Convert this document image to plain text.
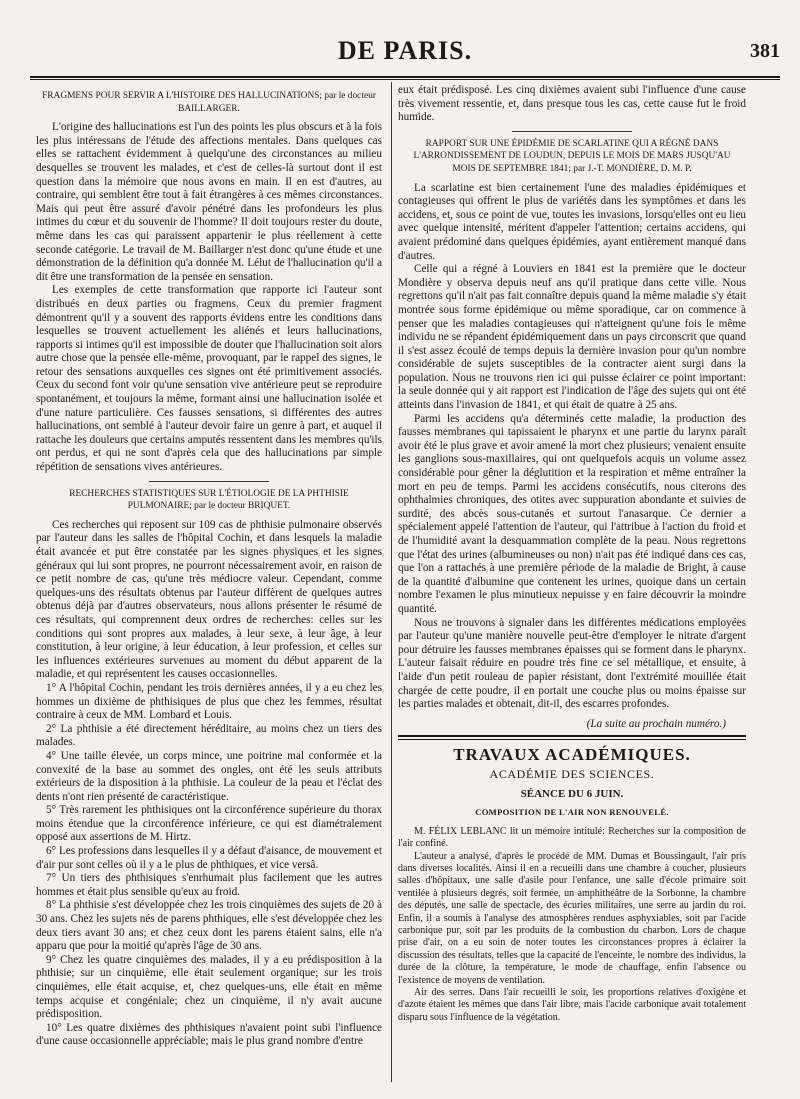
DE PARIS.	381

FRAGMENS POUR SERVIR A L'HISTOIRE DES HALLUCINATIONS; par le docteur BAILLARGER.

L'origine des hallucinations est l'un des points les plus obscurs et à la fois les plus intéressans de l'étude des affections mentales. Dans quelques cas elles se rattachent évidemment à quelqu'une des circonstances au milieu desquelles se trouvent les malades, et c'est de celles-là surtout dont il est question dans la mémoire que nous avons en main. Il en est d'autres, au contraire, qui semblent être tout à fait étrangères à ces mêmes circonstances. Mais qui peut être assuré d'avoir pénétré dans les profondeurs les plus intimes du cœur et du souvenir de l'homme? Il doit toujours rester du doute, même dans les cas qui paraissent appartenir le plus réellement à cette seconde catégorie. Le travail de M. Baillarger n'est donc qu'une étude et une démonstration de la définition qu'a donnée M. Lélut de l'hallucination qu'il a dit être une transformation de la pensée en sensation.

Les exemples de cette transformation que rapporte ici l'auteur sont distribués en deux parties ou fragmens. Ceux du premier fragment démontrent qu'il y a souvent des rapports évidens entre les conditions dans lesquelles se trouvent actuellement les aliénés et leurs hallucinations, rapports si intimes qu'il est impossible de douter que l'hallucination soit alors autre chose que la pensée elle-même, provoquant, par le rappel des signes, le retour des sensations auxquelles ces signes ont été primitivement associés. Ceux du second font voir qu'une sensation vive antérieure peut se reproduire spontanément, et toujours la même, formant ainsi une hallucination isolée et d'une nature particulière. Ces fausses sensations, si différentes des autres hallucinations, ont semblé à l'auteur devoir faire un genre à part, et auquel il rattache les douleurs que certains amputés ressentent dans les membres qu'ils ont perdus, et qui ne sont d'après cela que des hallucinations par simple répétition de sensations vives antérieures.

RECHERCHES STATISTIQUES SUR L'ÉTIOLOGIE DE LA PHTHISIE PULMONAIRE; par le docteur BRIQUET.

Ces recherches qui reposent sur 109 cas de phthisie pulmonaire observés par l'auteur dans les salles de l'hôpital Cochin, et dans lesquels la maladie était avancée et put être constatée par les signes physiques et les signes généraux qui lui sont propres, ne pourront nécessairement avoir, en raison de ce petit nombre de cas, qu'une très médiocre valeur. Cependant, comme quelques-uns des résultats obtenus par l'auteur diffèrent de quelques autres obtenus déjà par d'autres observateurs, nous allons présenter le résumé de ces résultats, qui comprennent deux ordres de recherches: celles sur les conditions qui sont propres aux malades, à leur sexe, à leur âge, à leur constitution, à leur origine, à leur éducation, à leur profession, et celles sur les influences extérieures survenues au moment du début apparent de la maladie, et qui représentent les causes occasionnelles.

1° A l'hôpital Cochin, pendant les trois dernières années, il y a eu chez les hommes un dixième de phthisiques de plus que chez les femmes, résultat contraire à ceux de MM. Lombard et Louis.

2° La phthisie a été directement héréditaire, au moins chez un tiers des malades.

4° Une taille élevée, un corps mince, une poitrine mal conformée et la convexité de la base au sommet des ongles, ont été les seuls attributs extérieurs de la disposition à la phthisie. La couleur de la peau et l'éclat des dents n'ont rien présenté de caractéristique.

5° Très rarement les phthisiques ont la circonférence supérieure du thorax moins étendue que la circonférence inférieure, ce qui est diamétralement opposé aux assertions de M. Hirtz.

6° Les professions dans lesquelles il y a défaut d'aisance, de mouvement et d'air pur sont celles où il y a le plus de phthiques, et vice versâ.

7° Un tiers des phthisiques s'enrhumait plus facilement que les autres hommes et était plus sensible qu'eux au froid.

8° La phthisie s'est développée chez les trois cinquièmes des sujets de 20 à 30 ans. Chez les sujets nés de parens phthiques, elle s'est développée chez les deux tiers avant 30 ans; et chez ceux dont les parens étaient sains, elle n'a apparu que pour la moitié qu'après l'âge de 30 ans.

9° Chez les quatre cinquièmes des malades, il y a eu prédisposition à la phthisie; sur un cinquième, elle était seulement organique; sur les trois cinquièmes, elle était acquise, et, chez quelques-uns, elle était en même temps acquise et congéniale; chez un cinquième, il n'y avait aucune prédisposition.

10° Les quatre dixièmes des phthisiques n'avaient point subi l'influence d'une cause occasionnelle appréciable; mais le plus grand nombre d'entre

eux était prédisposé. Les cinq dixièmes avaient subi l'influence d'une cause très vivement ressentie, et, dans presque tous les cas, cette cause fut le froid humide.

RAPPORT SUR UNE ÉPIDÉMIE DE SCARLATINE QUI A RÉGNÉ DANS L'ARRONDISSEMENT DE LOUDUN, DEPUIS LE MOIS DE MARS JUSQU'AU MOIS DE SEPTEMBRE 1841; par J.-T. MONDIÈRE, D. M. P.

La scarlatine est bien certainement l'une des maladies épidémiques et contagieuses qui offrent le plus de variétés dans les symptômes et dans les accidens, et, sous ce point de vue, toutes les invasions, lorsqu'elles ont eu lieu avec quelque intensité, méritent d'appeler l'attention; certains accidens, qui avaient prédominé dans quelques épidémies, ayant entièrement manqué dans d'autres.

Celle qui a régné à Louviers en 1841 est la première que le docteur Mondière y observa depuis neuf ans qu'il pratique dans cette ville. Nous regrettons qu'il n'ait pas fait connaître depuis quand la même maladie s'y était montrée sous forme épidémique ou même sporadique, car on commence à penser que les maladies contagieuses qui n'atteignent qu'une fois le même individu ne se répandent épidémiquement dans un pays circonscrit que quand il s'est assez écoulé de temps depuis la dernière invasion pour qu'un nombre considérable de sujets susceptibles de la contracter aient surgi dans la population. Nous ne trouvons rien ici qui puisse éclairer ce point important: la seule donnée qui y ait rapport est l'indication de l'âge des sujets qui ont été atteints dans l'invasion de 1841, et qui était de quatre à 25 ans.

Parmi les accidens qu'a déterminés cette maladie, la production des fausses membranes qui tapissaient le pharynx et une partie du larynx paraît avoir été le plus grave et avoir amené la mort chez plusieurs; venaient ensuite les ganglions sous-maxillaires, qui ont quelquefois acquis un volume assez considérable pour gêner la déglutition et la respiration et même entraîner la mort en peu de temps. Parmi les accidens consécutifs, nous citerons des ophthalmies chroniques, des otites avec suppuration abondante et suivies de surdité, des abcès sous-cutanés et surtout l'anasarque. Ce dernier a spécialement appelé l'attention de l'auteur, qui l'attribue à l'action du froid et de l'humidité avant la desquammation complète de la peau. Nous regrettons que l'état des urines (albumineuses ou non) n'ait pas été indiqué dans ces cas, que l'on a rattachés à une première période de la maladie de Bright, à cause de la quantité d'albumine que contenent les urines, quoique dans un certain nombre l'examen le plus minutieux nepuisse y en faire découvrir la moindre quantité.

Nous ne trouvons à signaler dans les différentes médications employées par l'auteur qu'une manière nouvelle peut-être d'employer le nitrate d'argent pour détruire les fausses membranes épaisses qui se forment dans le pharynx. L'auteur faisait réduire en poudre très fine ce sel métallique, et ensuite, à l'aide d'un petit rouleau de papier résistant, dont l'extrémité mouillée était chargée de cette poudre, il en portait une couche plus ou moins épaisse sur les parties malades et obtenait, dit-il, des escarres profondes.

(La suite au prochain numéro.)

TRAVAUX ACADÉMIQUES.

ACADÉMIE DES SCIENCES.

SÉANCE DU 6 JUIN.

COMPOSITION DE L'AIR NON RENOUVELÉ.

M. FÉLIX LEBLANC lit un mémoire intitulé: Recherches sur la composition de l'air confiné.

L'auteur a analysé, d'après le procédé de MM. Dumas et Boussingault, l'air pris dans diverses localités. Ainsi il en a recueilli dans une chambre à coucher, plusieurs salles d'hôpitaux, une salle d'asile pour l'enfance, une salle d'école primaire soit ventilée à plusieurs degrés, soit fermée, un amphithéâtre de la Sorbonne, la chambre des députés, une salle de spectacle, des écuries militaires, une serre au jardin du roi. Enfin, il a soumis à l'analyse des atmosphères rendues asphyxiables, soit par l'acide carbonique pur, soit par les produits de la combustion du charbon. Lors de chaque prise d'air, on a eu soin de noter toutes les circonstances propres à éclairer la discussion des résultats, telles que la capacité de l'enceinte, le nombre des individus, la durée de la clôture, la température, le mode de chauffage, enfin l'absence ou l'existence de moyens de ventilation.

Air des serres. Dans l'air recueilli le soir, les proportions relatives d'oxigène et d'azote étaient les mêmes que dans l'air libre, mais l'acide carbonique avait totalement disparu sous l'influence de la végétation.
